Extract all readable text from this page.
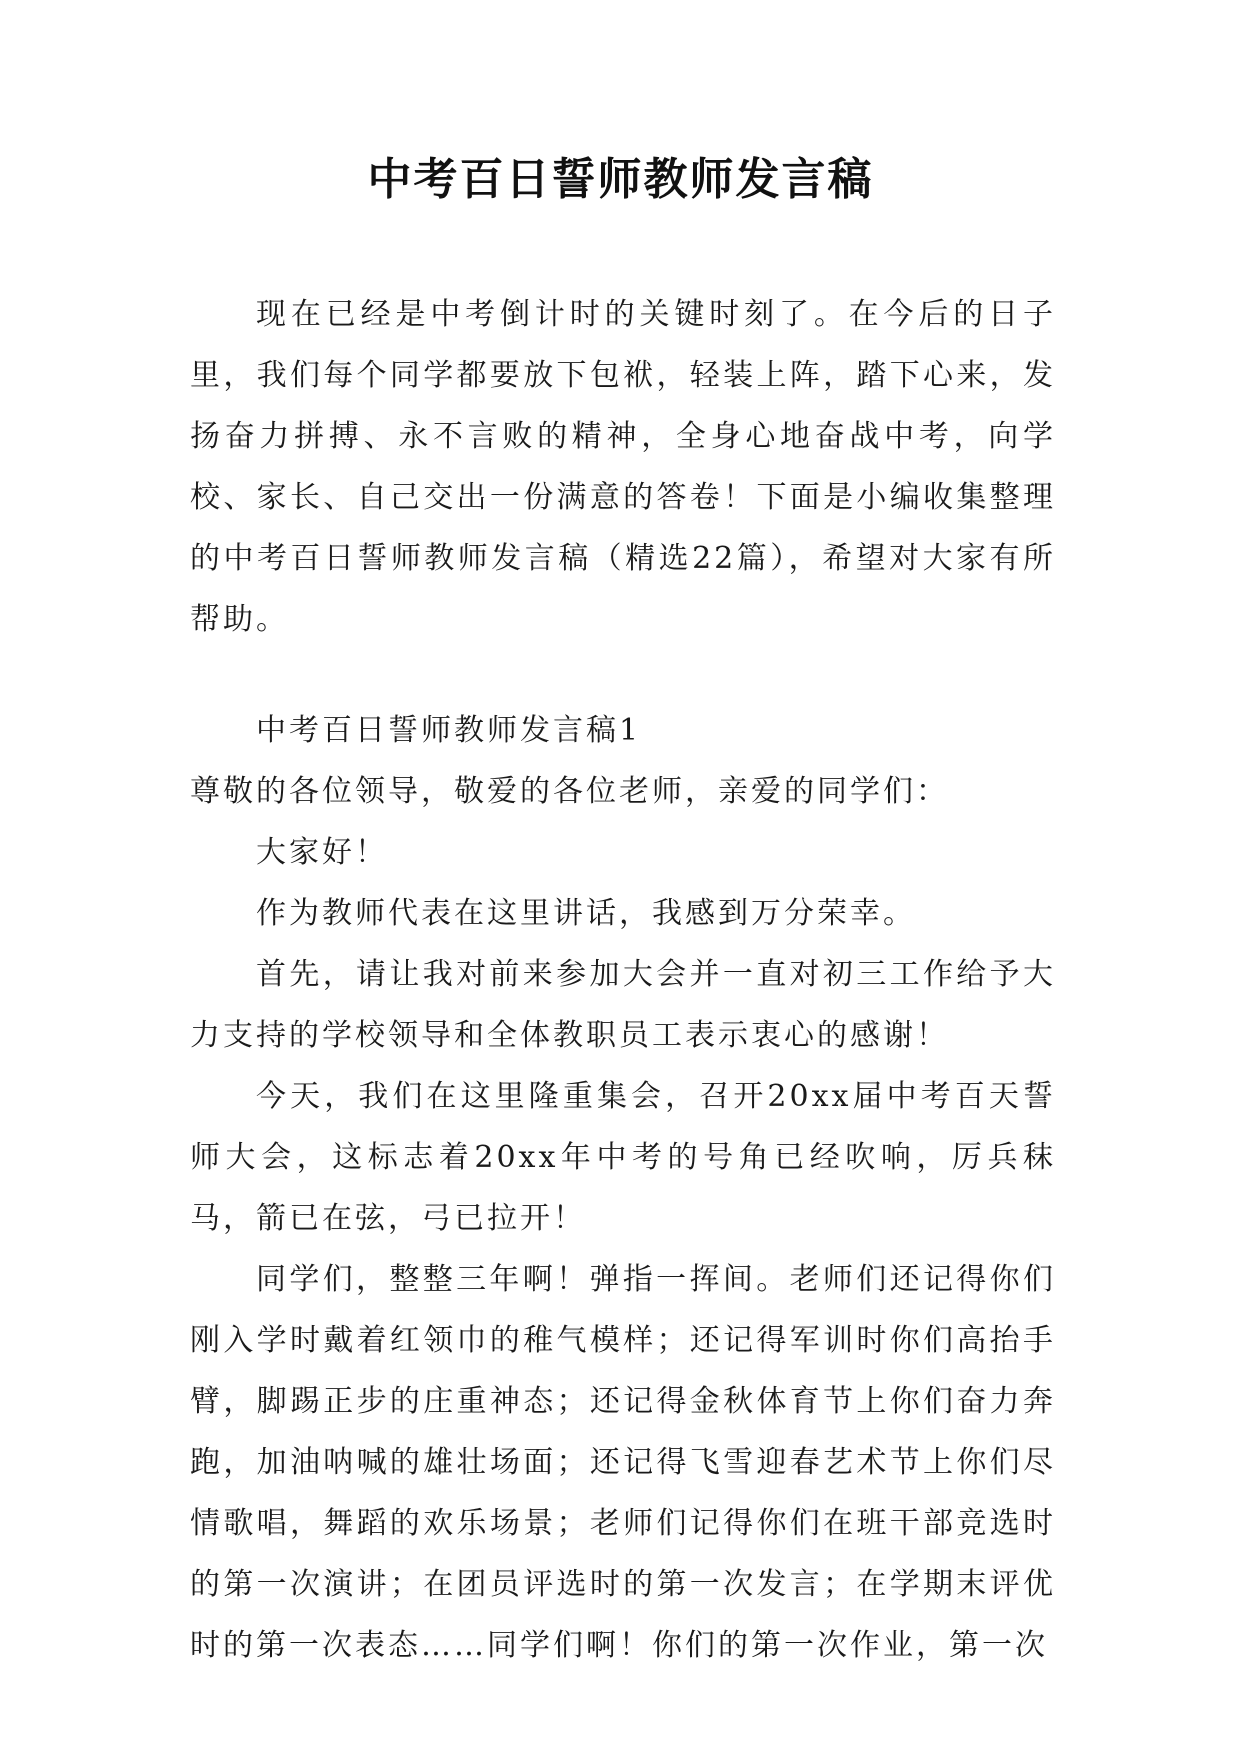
中考百日誓师教师发言稿

现在已经是中考倒计时的关键时刻了。在今后的日子里，我们每个同学都要放下包袱，轻装上阵，踏下心来，发扬奋力拼搏、永不言败的精神，全身心地奋战中考，向学校、家长、自己交出一份满意的答卷！下面是小编收集整理的中考百日誓师教师发言稿（精选22篇），希望对大家有所帮助。

中考百日誓师教师发言稿1

尊敬的各位领导，敬爱的各位老师，亲爱的同学们：

大家好！

作为教师代表在这里讲话，我感到万分荣幸。

首先，请让我对前来参加大会并一直对初三工作给予大力支持的学校领导和全体教职员工表示衷心的感谢！

今天，我们在这里隆重集会，召开20xx届中考百天誓师大会，这标志着20xx年中考的号角已经吹响，厉兵秣马，箭已在弦，弓已拉开！

同学们，整整三年啊！弹指一挥间。老师们还记得你们刚入学时戴着红领巾的稚气模样；还记得军训时你们高抬手臂，脚踢正步的庄重神态；还记得金秋体育节上你们奋力奔跑，加油呐喊的雄壮场面；还记得飞雪迎春艺术节上你们尽情歌唱，舞蹈的欢乐场景；老师们记得你们在班干部竞选时的第一次演讲；在团员评选时的第一次发言；在学期末评优时的第一次表态……同学们啊！你们的第一次作业，第一次
